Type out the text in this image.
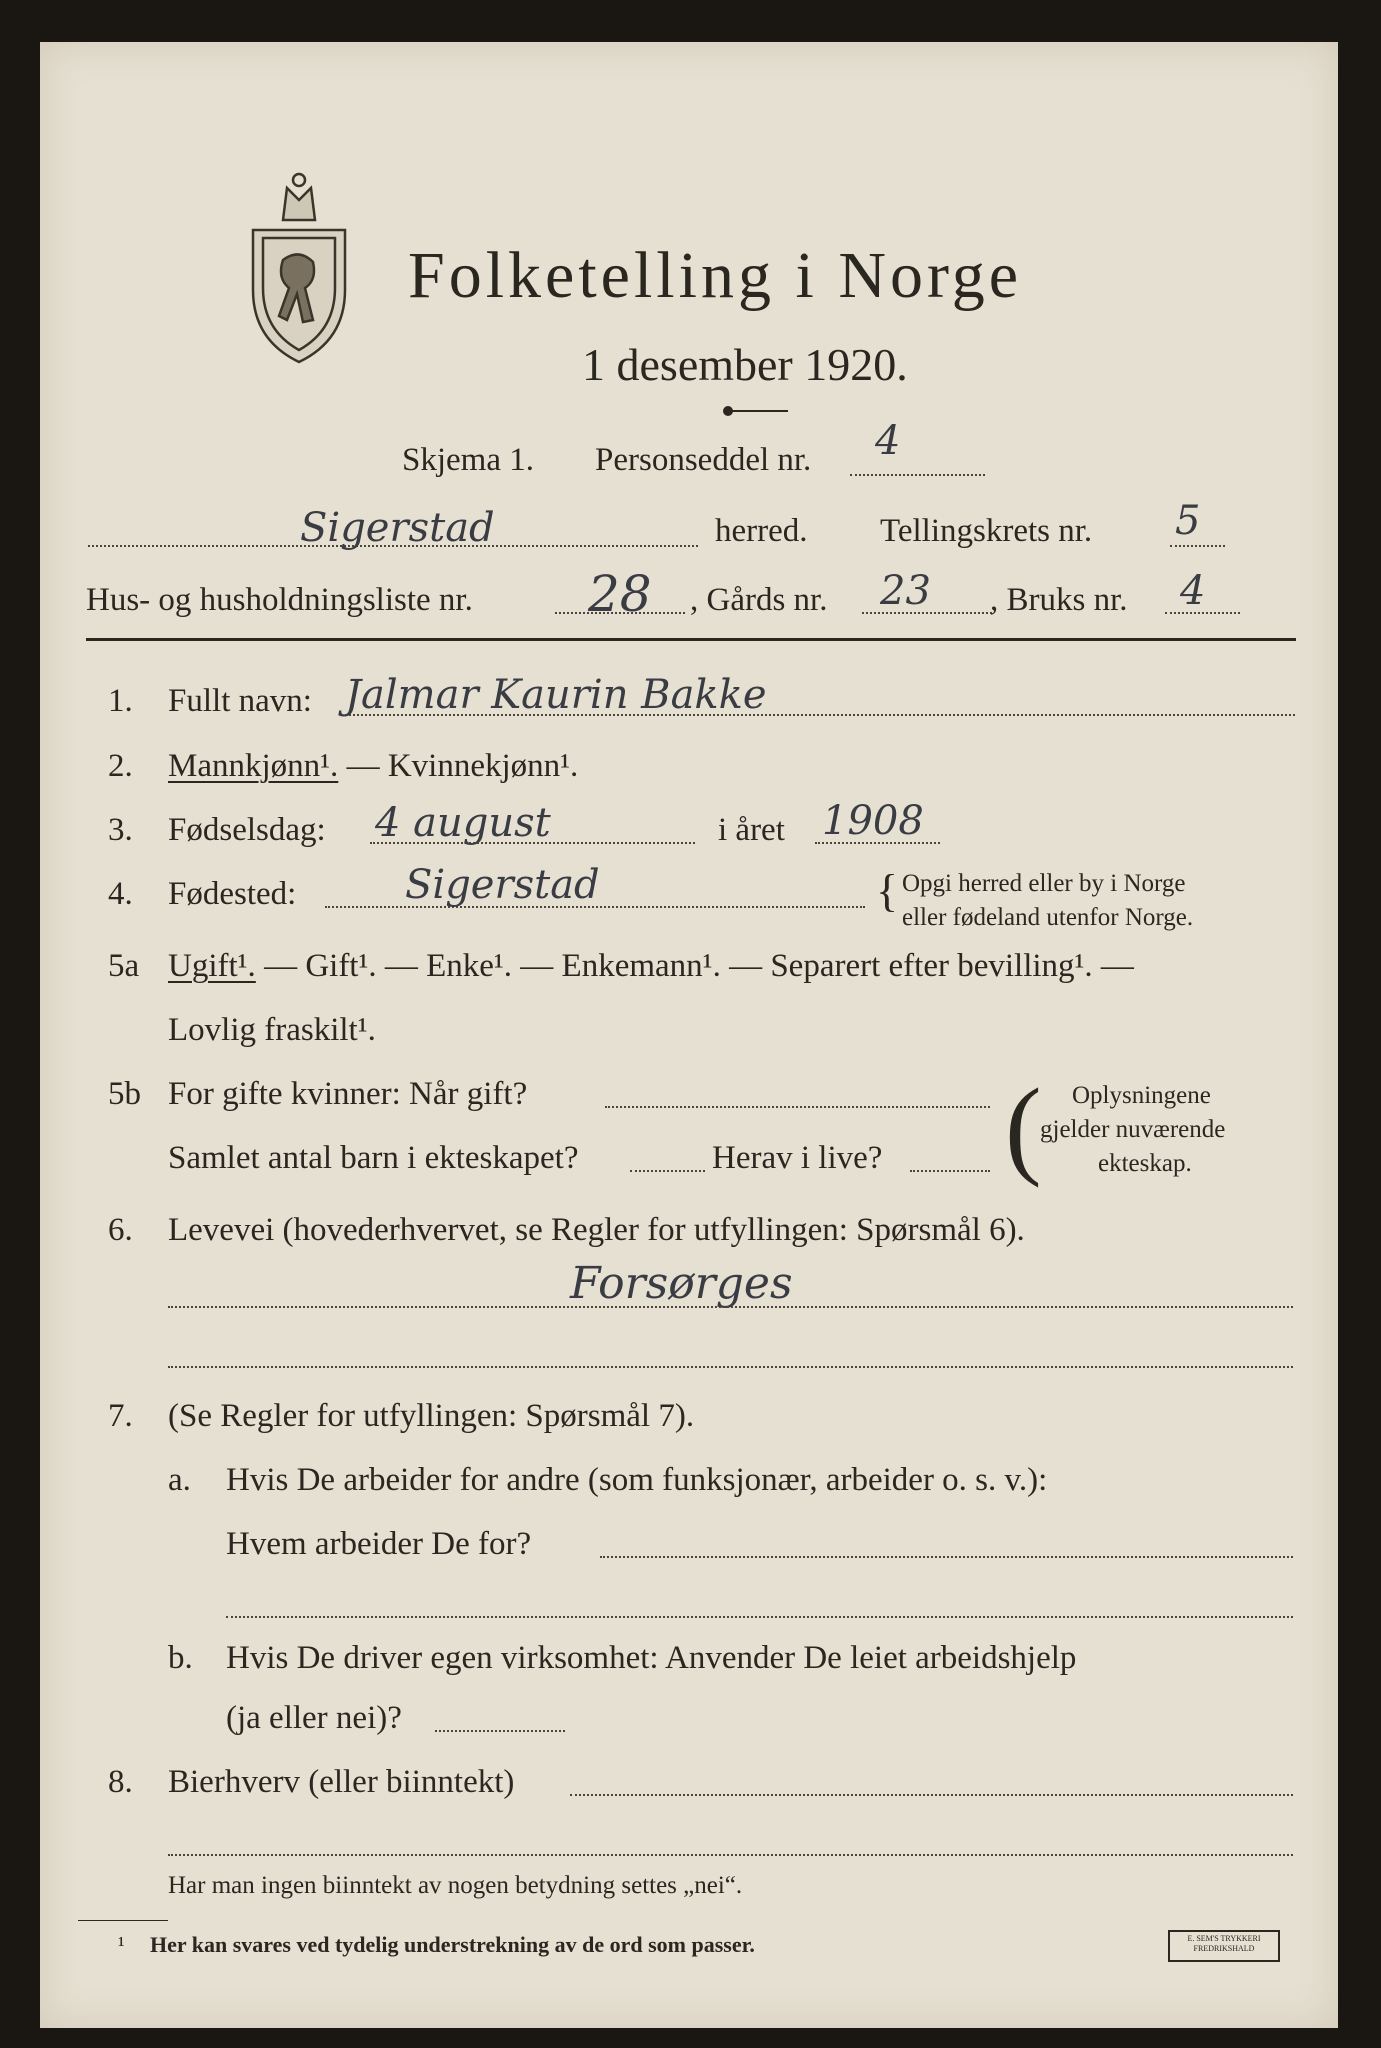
Folketelling i Norge
1 desember 1920.
Skjema 1. Personseddel nr. 4
Sigerstad	herred. Tellingskrets nr. 5
Hus- og husholdningsliste nr. 28 , Gårds nr. 23 , Bruks nr. 4
1. Fullt navn: Jalmar Kaurin Bakke
2. Mannkjønn¹. — Kvinnekjønn¹.
3. Fødselsdag: 4 august	i året 1908
4. Fødested:	Sigerstad	{ Opgi herred eller by i Norge
eller fødeland utenfor Norge.
5a Ugift¹. — Gift¹. — Enke¹. — Enkemann¹. — Separert efter bevilling¹. —
Lovlig fraskilt¹.
5b For gifte kvinner: Når gift?
Samlet antal barn i ekteskapet?	Herav i live? ( Oplysningene
gjelder nuværende
ekteskap.
6. Levevei (hovederhvervet, se Regler for utfyllingen: Spørsmål 6).
Forsørges
7. (Se Regler for utfyllingen: Spørsmål 7).
a. Hvis De arbeider for andre (som funksjonær, arbeider o. s. v.):
Hvem arbeider De for?
b. Hvis De driver egen virksomhet: Anvender De leiet arbeidshjelp
(ja eller nei)?
8. Bierhverv (eller biinntekt)
Har man ingen biinntekt av nogen betydning settes „nei“.
¹ Her kan svares ved tydelig understrekning av de ord som passer.	E. SEM'S TRYKKERI FREDRIKSHALD
